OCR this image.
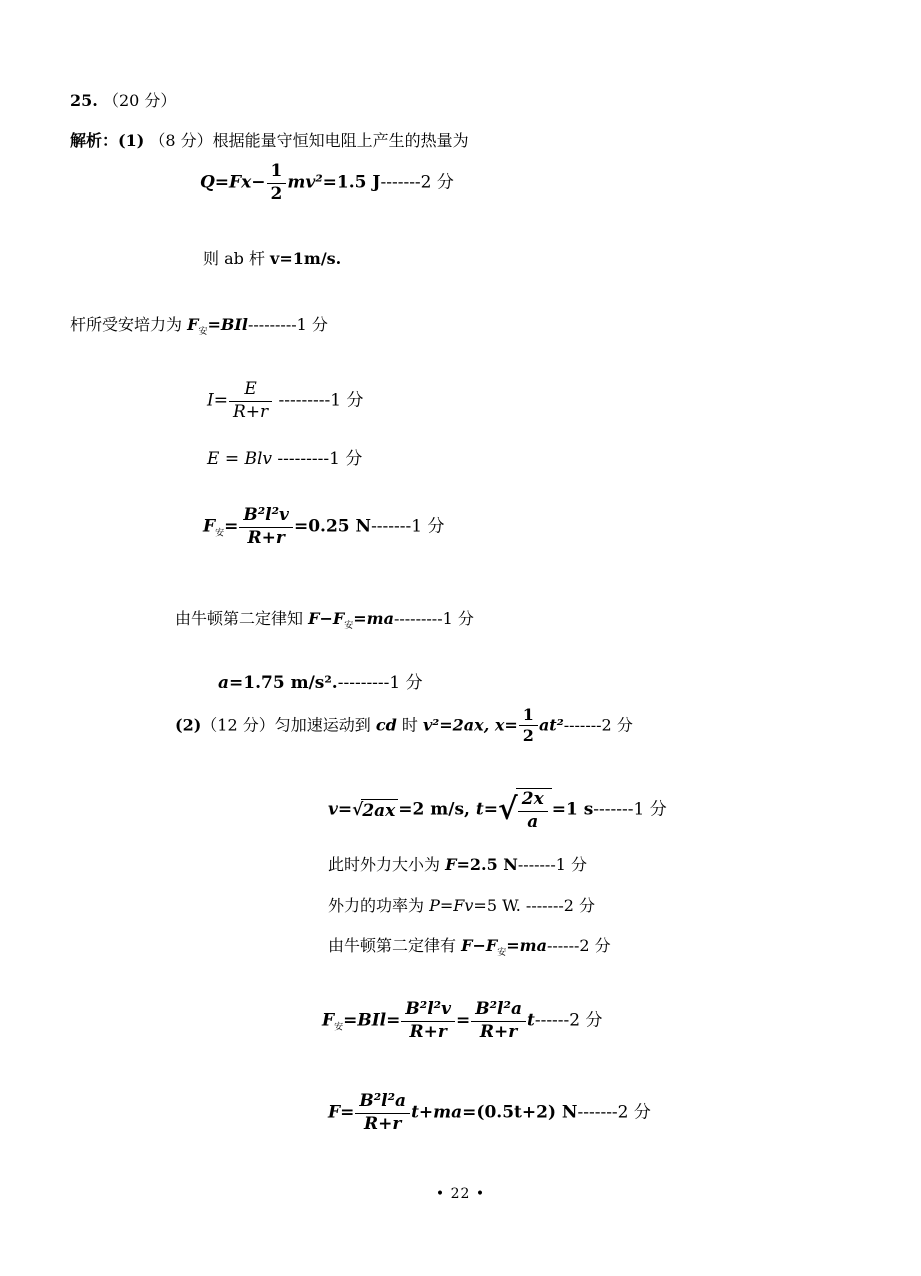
25. （20 分）
解析：(1) （8 分）根据能量守恒知电阻上产生的热量为
$Q=Fx- \frac{1}{2} mv^2=1.5$ J-------2 分
则 ab 杆 v=1m/s.
杆所受安培力为 $F_安=BIl---------1$ 分
$I= \frac{E}{R+r} ---------1$ 分
E = Blv ---------1 分
$F_安= \frac{\text{B²l²v}}{R+r} =0.25$ N-------1 分
由牛顿第二定律知 $F-F_安=ma---------1$ 分
a=1.75 m/s².---------1 分
(2)（12 分）匀加速运动到 cd 时 v²=2ax, $x= \frac{1}{2} at^2-------2$ 分
v=√2ax =2 m/s, $t=√ \frac{2x}{a} =1$ s-------1 分
此时外力大小为 F=2.5 N-------1 分
外力的功率为 P=Fv=5 W. -------2 分
由牛顿第二定律有 $F-F_安=ma------2$ 分
$F_安=BIl= \frac{\text{B²l²v}}{R+r} = \frac{\text{B²l²a}}{R+r} t------2$ 分
$F= \frac{\text{B²l²a}}{R+r} t+ma=(0.5t+2)$ N-------2 分
• 22 •
